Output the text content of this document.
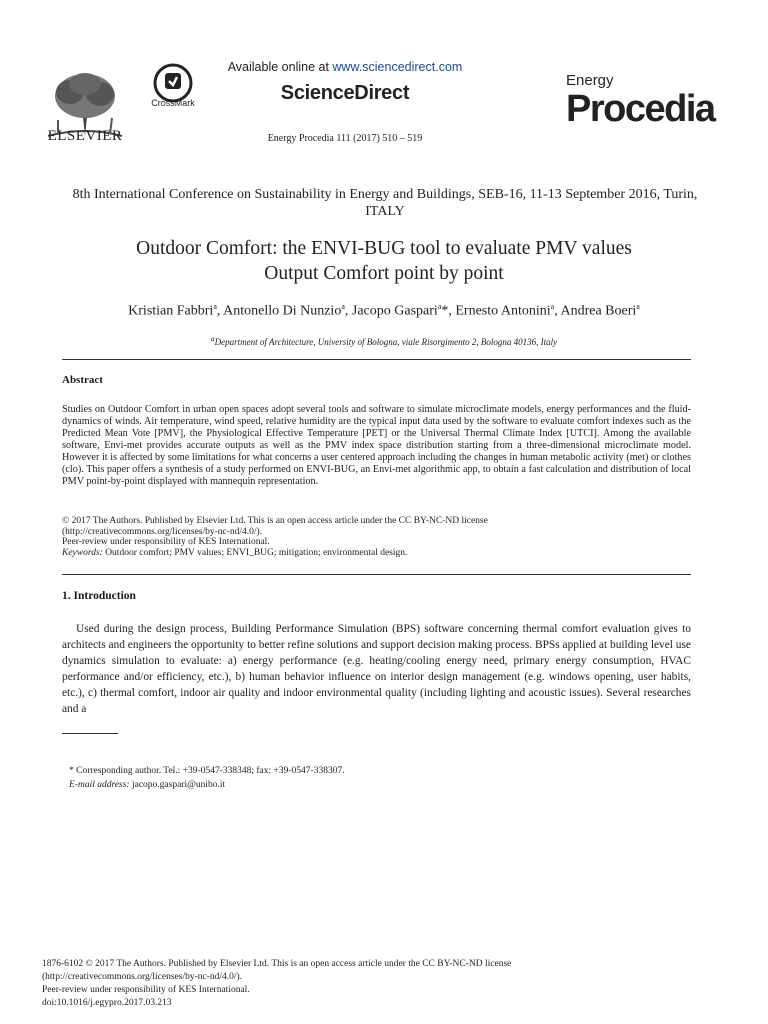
ELSEVIER
CrossMark
Available online at www.sciencedirect.com
ScienceDirect
Energy Procedia 111 (2017) 510 – 519
Energy
Procedia
8th International Conference on Sustainability in Energy and Buildings, SEB-16, 11-13 September 2016, Turin, ITALY
Outdoor Comfort: the ENVI-BUG tool to evaluate PMV values
Output Comfort point by point
Kristian Fabbri$^a$, Antonello Di Nunzio$^a$, Jacopo Gaspari$^a$*, Ernesto Antonini$^a$, Andrea Boeri$^a$
$^a$Department of Architecture, University of Bologna, viale Risorgimento 2, Bologna 40136, Italy
Abstract
Studies on Outdoor Comfort in urban open spaces adopt several tools and software to simulate microclimate models, energy performances and the fluid-dynamics of winds. Air temperature, wind speed, relative humidity are the typical input data used by the software to evaluate comfort indexes such as the Predicted Mean Vote [PMV], the Physiological Effective Temperature [PET] or the Universal Thermal Climate Index [UTCI]. Among the available software, Envi-met provides accurate outputs as well as the PMV index space distribution starting from a three-dimensional microclimate model. However it is affected by some limitations for what concerns a user centered approach including the changes in human metabolic activity (met) or clothes (clo). This paper offers a synthesis of a study performed on ENVI-BUG, an Envi-met algorithmic app, to obtain a fast calculation and distribution of local PMV point-by-point displayed with mannequin representation.
© 2017 The Authors. Published by Elsevier Ltd. This is an open access article under the CC BY-NC-ND license
(http://creativecommons.org/licenses/by-nc-nd/4.0/).
Peer-review under responsibility of KES International.
Keywords: Outdoor comfort; PMV values; ENVI_BUG; mitigation; environmental design.
1. Introduction
Used during the design process, Building Performance Simulation (BPS) software concerning thermal comfort evaluation gives to architects and engineers the opportunity to better refine solutions and support decision making process. BPSs applied at building level use dynamics simulation to evaluate: a) energy performance (e.g. heating/cooling energy need, primary energy consumption, HVAC performance and/or efficiency, etc.), b) human behavior influence on interior design management (e.g. windows opening, user habits, etc.), c) thermal comfort, indoor air quality and indoor environmental quality (including lighting and acoustic issues). Several researches and a
* Corresponding author. Tel.: +39-0547-338348; fax: +39-0547-338307.
E-mail address: jacopo.gaspari@unibo.it
1876-6102 © 2017 The Authors. Published by Elsevier Ltd. This is an open access article under the CC BY-NC-ND license
(http://creativecommons.org/licenses/by-nc-nd/4.0/).
Peer-review under responsibility of KES International.
doi:10.1016/j.egypro.2017.03.213
